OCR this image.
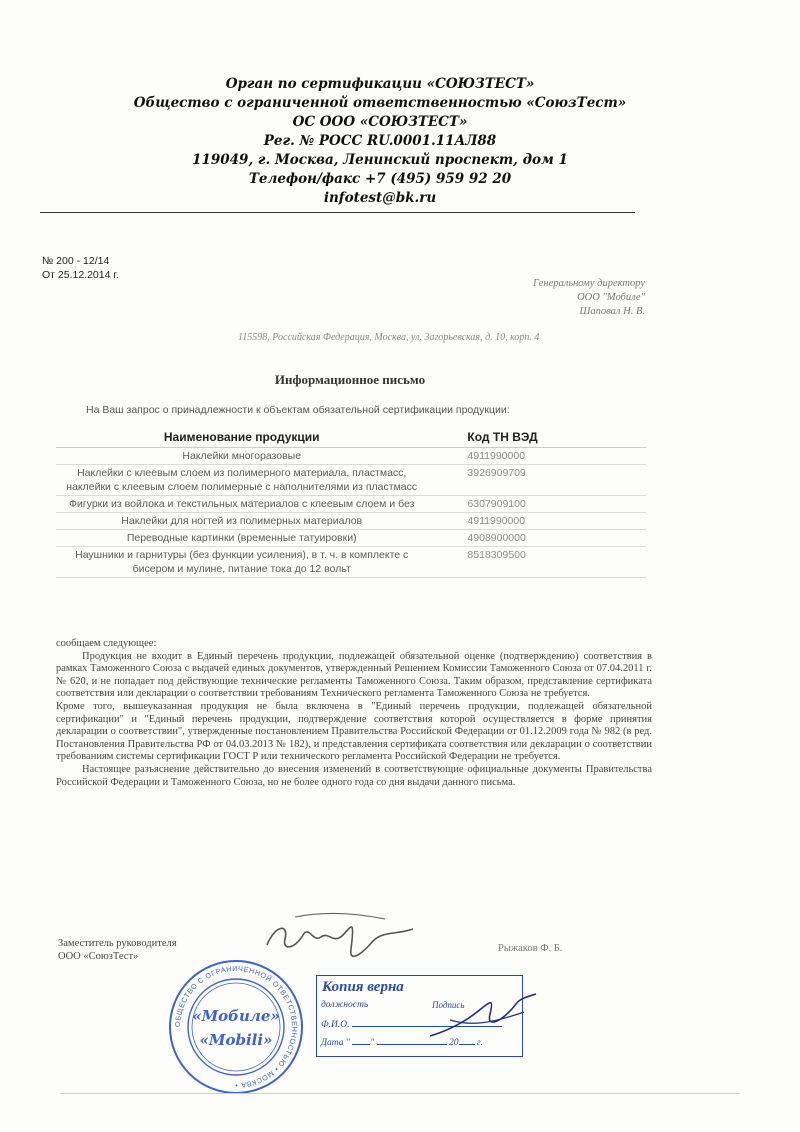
Орган по сертификации «СОЮЗТЕСТ»
Общество с ограниченной ответственностью «СоюзТест»
ОС ООО «СОЮЗТЕСТ»
Рег. № РОСС RU.0001.11АЛ88
119049, г. Москва, Ленинский проспект, дом 1
Телефон/факс +7 (495) 959 92 20
infotest@bk.ru
№ 200 - 12/14
От 25.12.2014 г.
Генеральному директору
ООО "Мобиле"
Шаповал Н. В.
115598, Российская Федерация, Москва, ул. Загорьевская, д. 10, корп. 4
Информационное письмо
На Ваш запрос о принадлежности к объектам обязательной сертификации продукции:
Наименование продукции	Код ТН ВЭД
Наклейки многоразовые	4911990000
Наклейки с клеевым слоем из полимерного материала, пластмасс, наклейки с клеевым слоем полимерные с наполнителями из пластмасс	3926909709
Фигурки из войлока и текстильных материалов с клеевым слоем и без	6307909100
Наклейки для ногтей из полимерных материалов	4911990000
Переводные картинки (временные татуировки)	4908900000
Наушники и гарнитуры (без функции усиления), в т. ч. в комплекте с бисером и мулине, питание тока до 12 вольт	8518309500

сообщаем следующее:

Продукция не входит в Единый перечень продукции, подлежащей обязательной оценке (подтверждению) соответствия в рамках Таможенного Союза с выдачей единых документов, утвержденный Решением Комиссии Таможенного Союза от 07.04.2011 г. № 620, и не попадает под действующие технические регламенты Таможенного Союза. Таким образом, представление сертификата соответствия или декларации о соответствии требованиям Технического регламента Таможенного Союза не требуется.

Кроме того, вышеуказанная продукция не была включена в "Единый перечень продукции, подлежащей обязательной сертификации" и "Единый перечень продукции, подтверждение соответствия которой осуществляется в форме принятия декларации о соответствии", утвержденные постановлением Правительства Российской Федерации от 01.12.2009 года № 982 (в ред. Постановления Правительства РФ от 04.03.2013 № 182), и представления сертификата соответствия или декларации о соответствии требованиям системы сертификации ГОСТ Р или технического регламента Российской Федерации не требуется.

Настоящее разъяснение действительно до внесения изменений в соответствующие официальные документы Правительства Российской Федерации и Таможенного Союза, но не более одного года со дня выдачи данного письма.

Заместитель руководителя
ООО «СоюзТест»
Рыжаков Ф. Б.
ОБЩЕСТВО С ОГРАНИЧЕННОЙ ОТВЕТСТВЕННОСТЬЮ • МОСКВА •
«Мобиле»
«Mobili»
Копия верна
должность	Подпись
Ф.И.О.
Дата " "	20 г.
